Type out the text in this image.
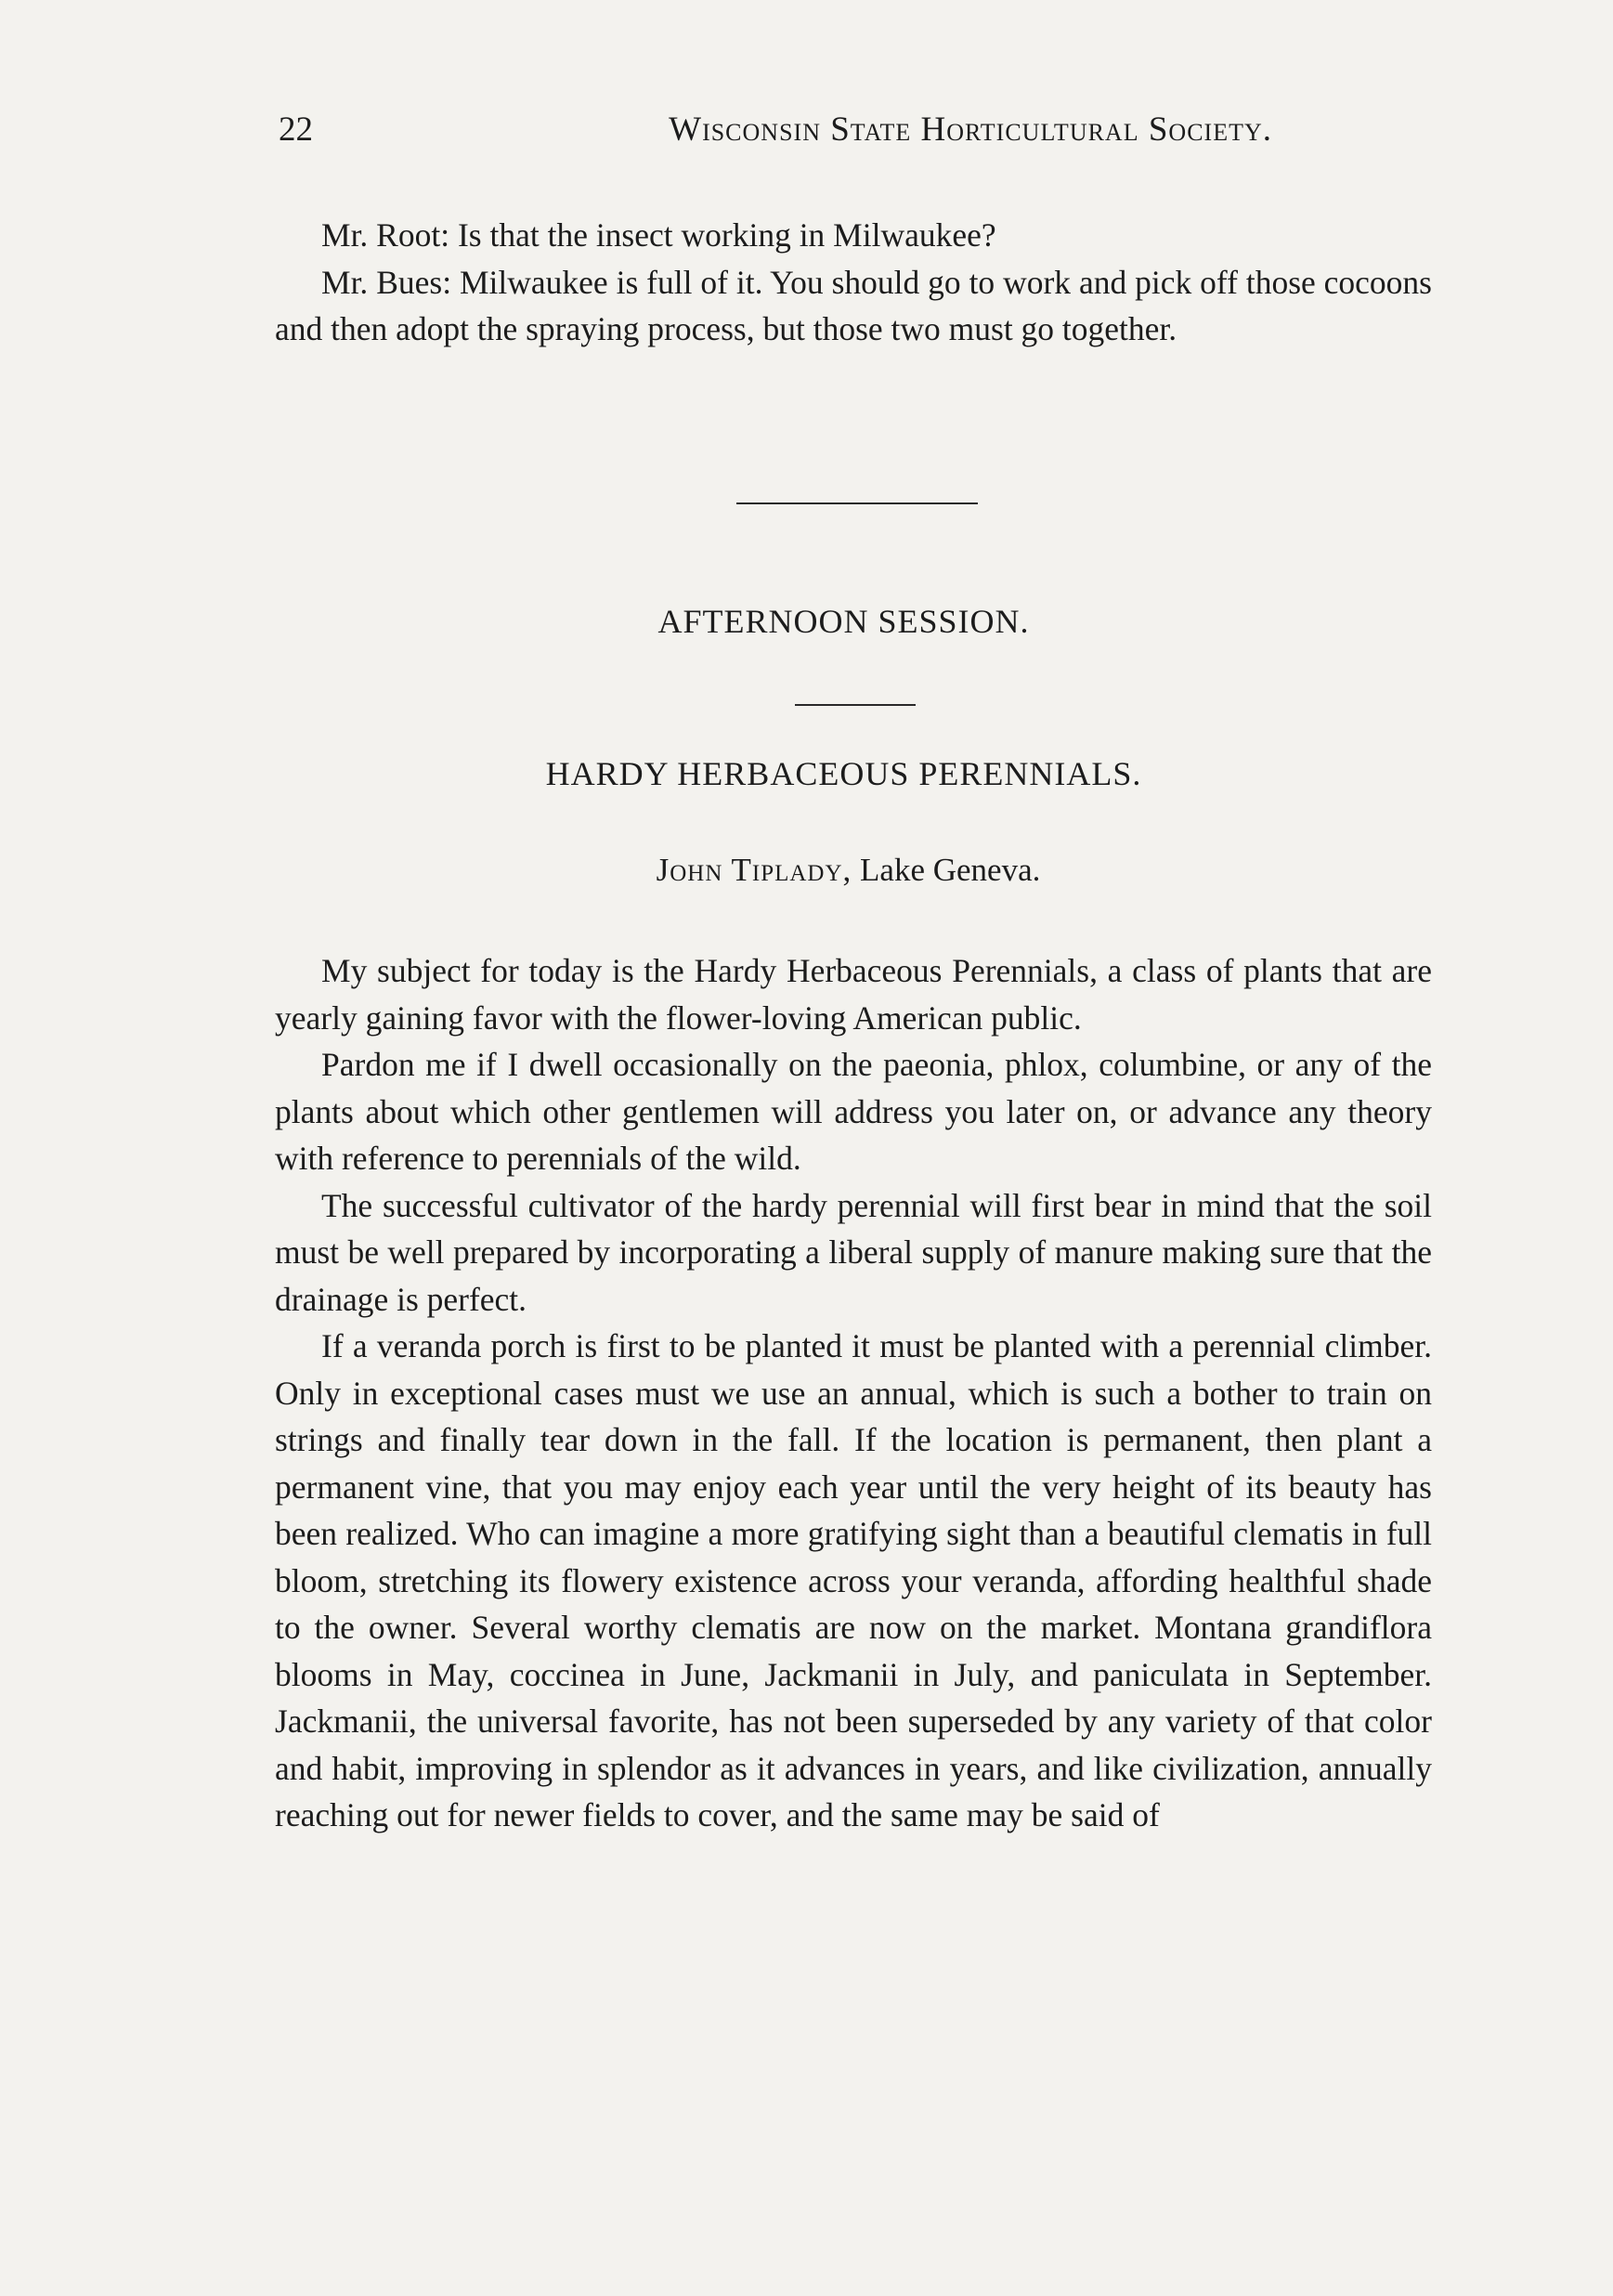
22	Wisconsin State Horticultural Society.

Mr. Root: Is that the insect working in Milwaukee?

Mr. Bues: Milwaukee is full of it. You should go to work and pick off those cocoons and then adopt the spraying process, but those two must go together.

AFTERNOON SESSION.
HARDY HERBACEOUS PERENNIALS.
John Tiplady, Lake Geneva.

My subject for today is the Hardy Herbaceous Perennials, a class of plants that are yearly gaining favor with the flower-loving American public.

Pardon me if I dwell occasionally on the paeonia, phlox, columbine, or any of the plants about which other gentlemen will address you later on, or advance any theory with reference to perennials of the wild.

The successful cultivator of the hardy perennial will first bear in mind that the soil must be well prepared by incorporating a liberal supply of manure making sure that the drainage is perfect.

If a veranda porch is first to be planted it must be planted with a perennial climber. Only in exceptional cases must we use an annual, which is such a bother to train on strings and finally tear down in the fall. If the location is permanent, then plant a permanent vine, that you may enjoy each year until the very height of its beauty has been realized. Who can imagine a more gratifying sight than a beautiful clematis in full bloom, stretching its flowery existence across your veranda, affording healthful shade to the owner. Several worthy clematis are now on the market. Montana grandiflora blooms in May, coccinea in June, Jackmanii in July, and paniculata in September. Jackmanii, the universal favorite, has not been superseded by any variety of that color and habit, improving in splendor as it advances in years, and like civilization, annually reaching out for newer fields to cover, and the same may be said of
